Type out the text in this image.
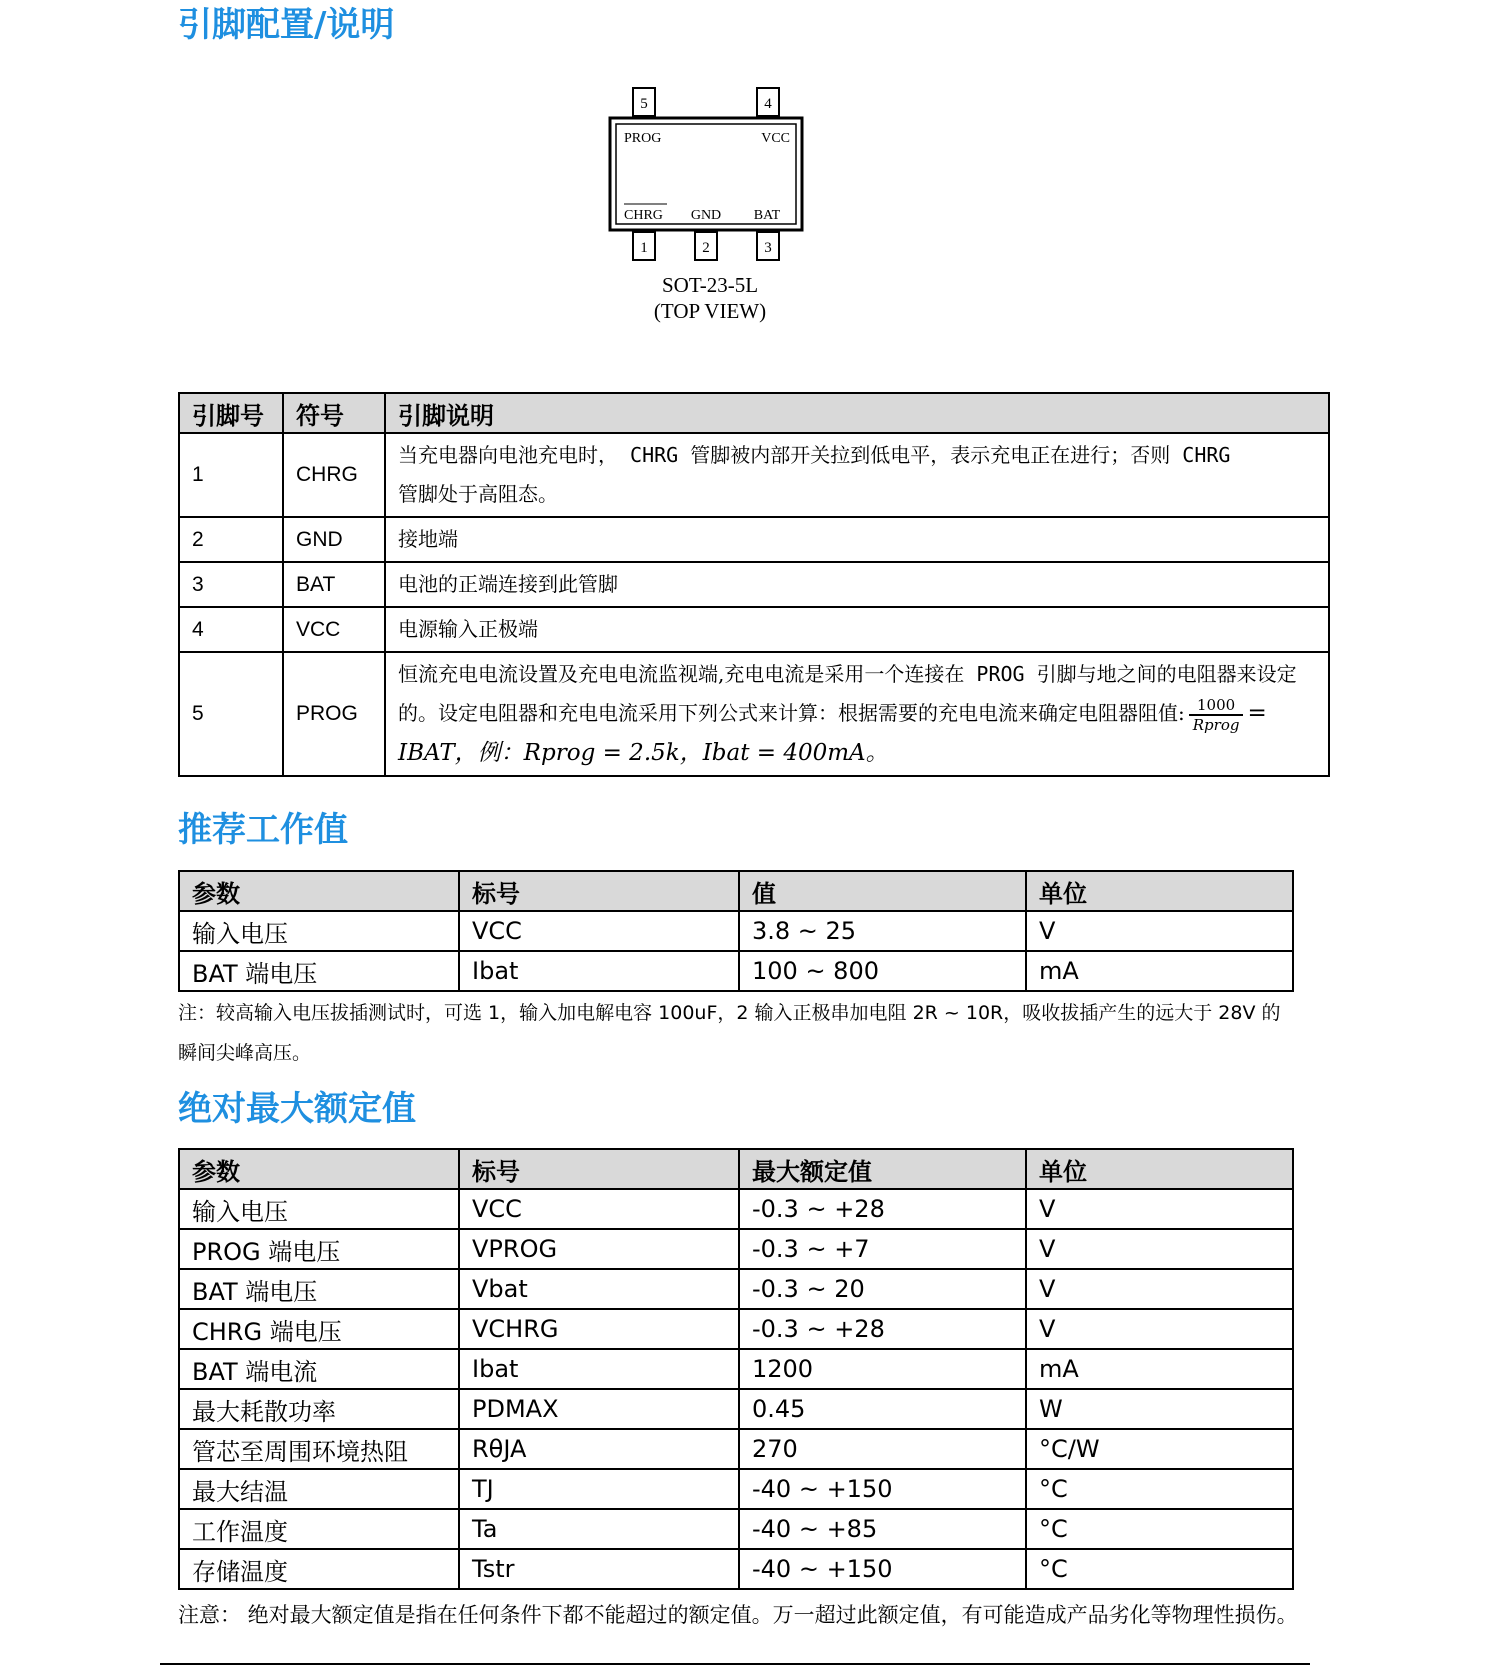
引脚配置/说明
5	4
1	2	3
PROG	VCC
CHRG GND BAT
SOT-23-5L
(TOP VIEW)
引脚号	符号	引脚说明
1	CHRG	当充电器向电池充电时， CHRG 管脚被内部开关拉到低电平，表示充电正在进行；否则 CHRG
管脚处于高阻态。
2	GND	接地端
3	BAT	电池的正端连接到此管脚
4	VCC	电源输入正极端
5	PROG	恒流充电电流设置及充电电流监视端,充电电流是采用一个连接在 PROG 引脚与地之间的电阻器来设定的。设定电阻器和充电电流采用下列公式来计算：根据需要的充电电流来确定电阻器阻值: $\frac{1000}{\text{Rprog}}$ = IBAT，例：Rprog = 2.5k，Ibat = 400mA。
推荐工作值
参数	标号	值	单位
输入电压	VCC	3.8 ~ 25	V
BAT 端电压	Ibat	100 ~ 800	mA
注：较高输入电压拔插测试时，可选 1，输入加电解电容 100uF，2 输入正极串加电阻 2R ~ 10R，吸收拔插产生的远大于 28V 的瞬间尖峰高压。
绝对最大额定值
参数	标号	最大额定值	单位
输入电压	VCC	-0.3 ~ +28	V
PROG 端电压	VPROG	-0.3 ~ +7	V
BAT 端电压	Vbat	-0.3 ~ 20	V
CHRG 端电压	VCHRG	-0.3 ~ +28	V
BAT 端电流	Ibat	1200	mA
最大耗散功率	PDMAX	0.45	W
管芯至周围环境热阻	RθJA	270	°C/W
最大结温	TJ	-40 ~ +150	°C
工作温度	Ta	-40 ~ +85	°C
存储温度	Tstr	-40 ~ +150	°C
注意： 绝对最大额定值是指在任何条件下都不能超过的额定值。万一超过此额定值，有可能造成产品劣化等物理性损伤。
